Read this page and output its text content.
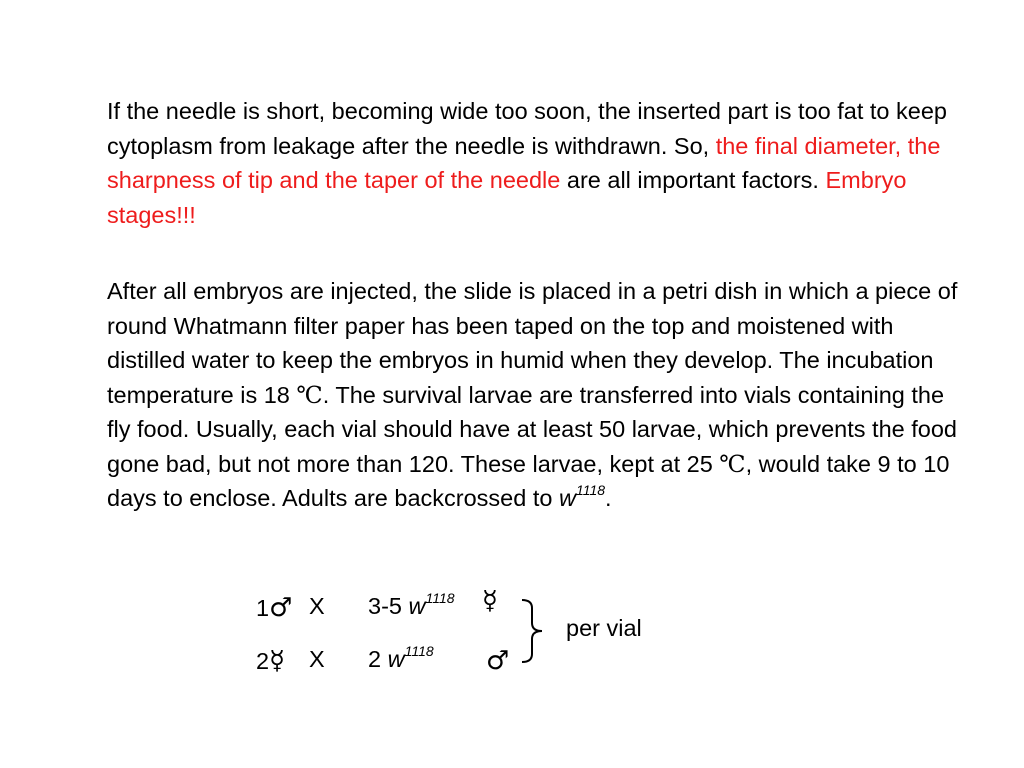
If the needle is short, becoming wide too soon, the inserted part is too fat to keep cytoplasm from leakage after the needle is withdrawn. So, the final diameter, the sharpness of tip and the taper of the needle are all important factors. Embryo stages!!!

After all embryos are injected, the slide is placed in a petri dish in which a piece of round Whatmann filter paper has been taped on the top and moistened with distilled water to keep the embryos in humid when they develop. The incubation temperature is 18 ℃. The survival larvae are transferred into vials containing the fly food. Usually, each vial should have at least 50 larvae, which prevents the food gone bad, but not more than 120. These larvae, kept at 25 ℃, would take 9 to 10 days to enclose. Adults are backcrossed to $w^{1118}$.

1♂ X 3-5 $w^{1118}$ ☿
2☿ X 2 $w^{1118}$ ♂
per vial
